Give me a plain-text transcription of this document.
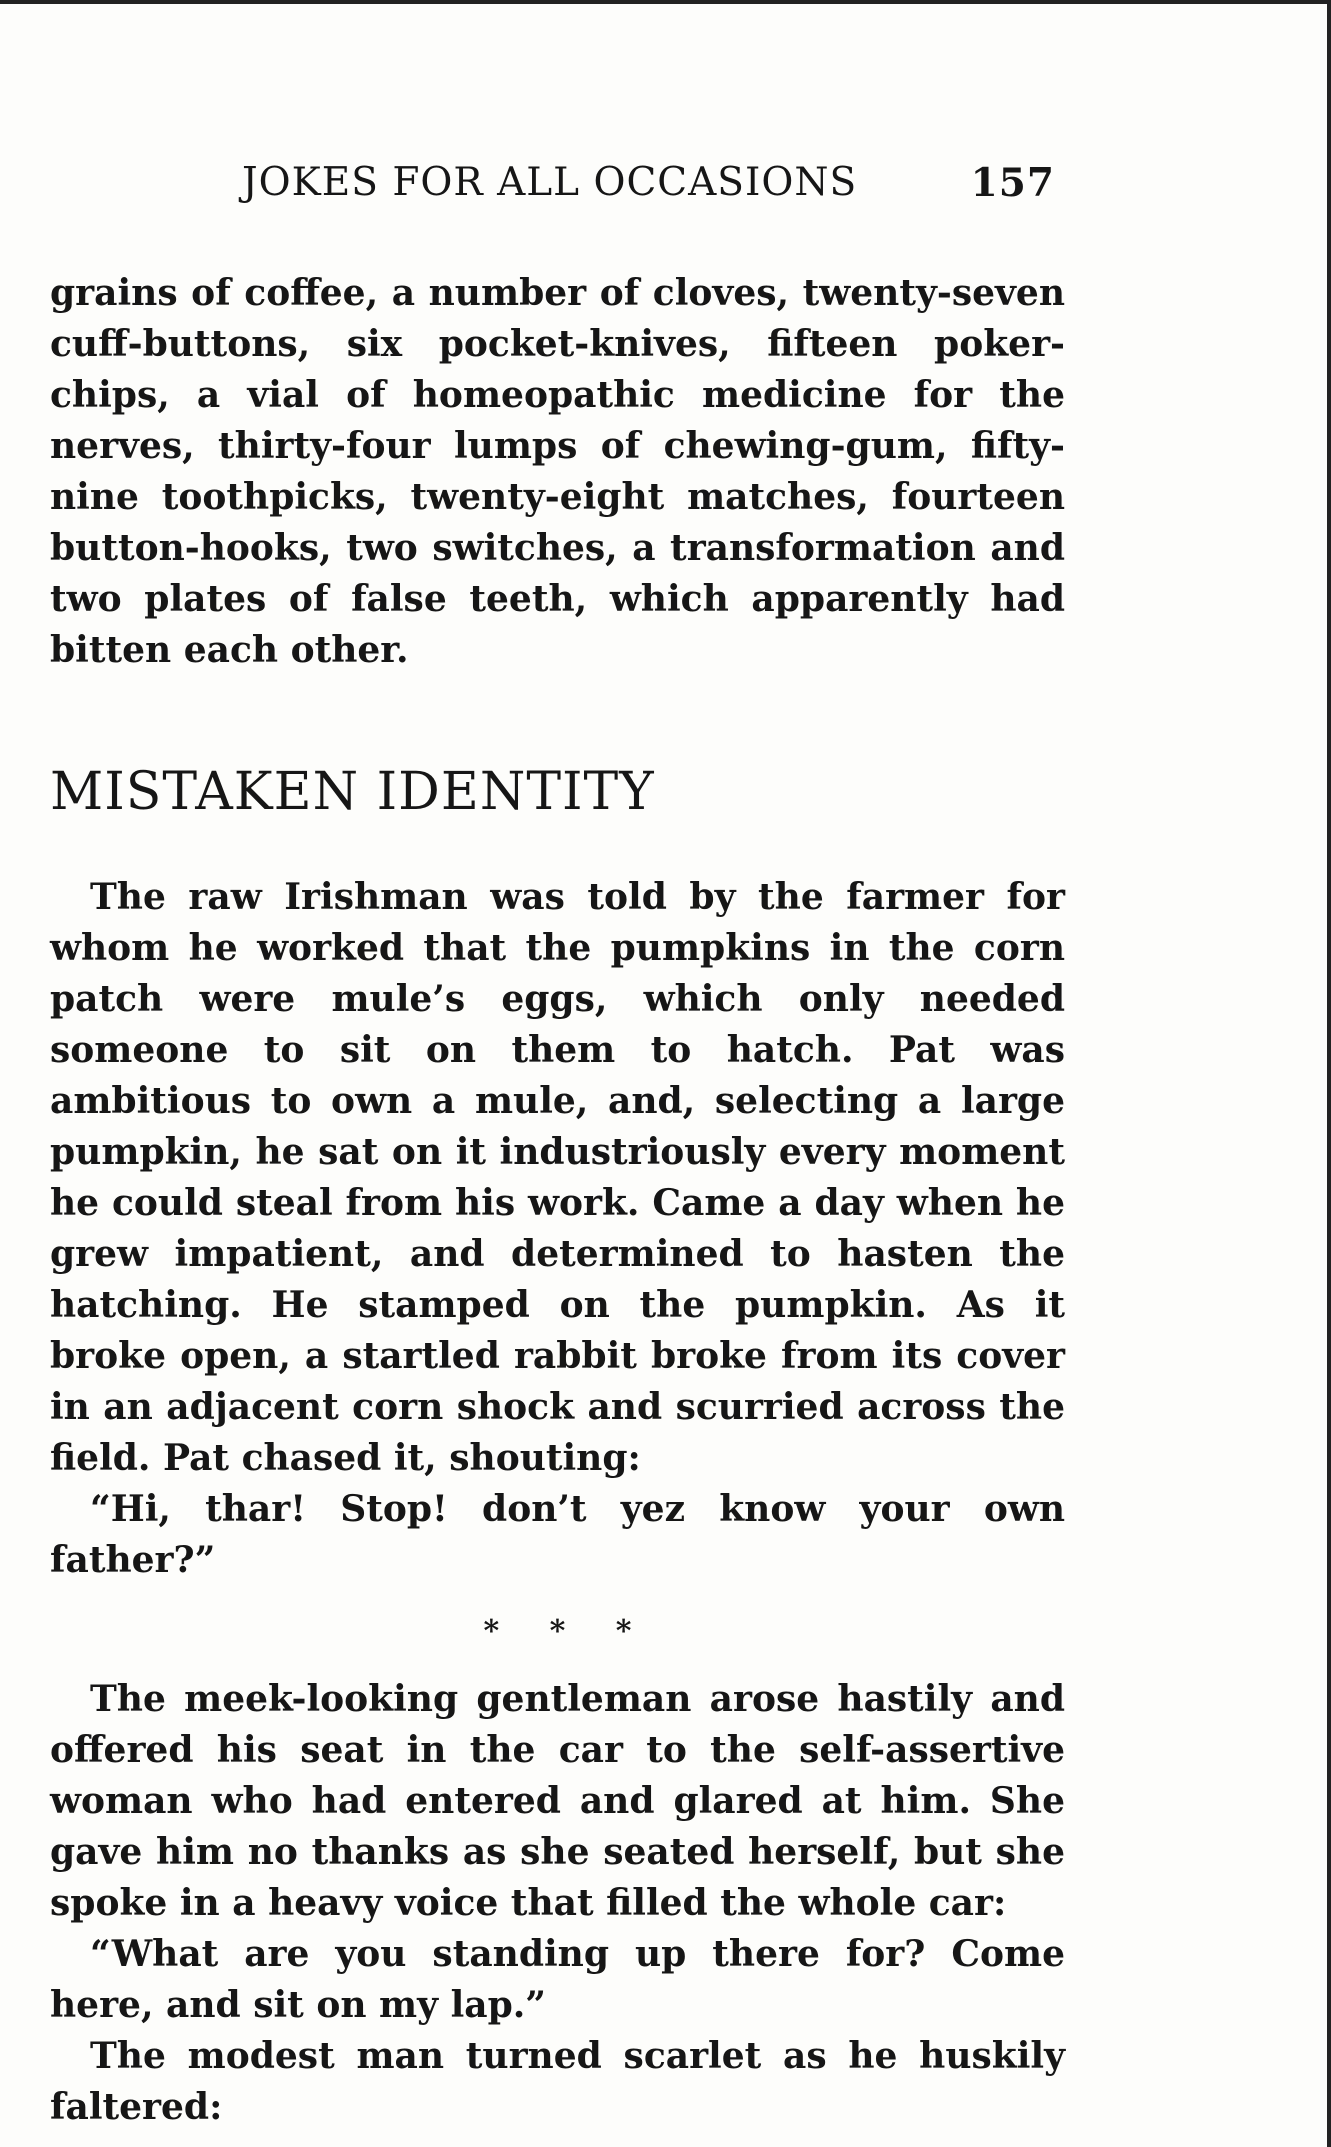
JOKES FOR ALL OCCASIONS	157

grains of coffee, a number of cloves, twenty-seven cuff-buttons, six pocket-knives, fifteen poker-chips, a vial of homeopathic medicine for the nerves, thirty-four lumps of chewing-gum, fifty-nine toothpicks, twenty-eight matches, fourteen button-hooks, two switches, a transformation and two plates of false teeth, which apparently had bitten each other.

MISTAKEN IDENTITY

The raw Irishman was told by the farmer for whom he worked that the pumpkins in the corn patch were mule’s eggs, which only needed someone to sit on them to hatch. Pat was ambitious to own a mule, and, selecting a large pumpkin, he sat on it industriously every moment he could steal from his work. Came a day when he grew impatient, and determined to hasten the hatching. He stamped on the pumpkin. As it broke open, a startled rabbit broke from its cover in an adjacent corn shock and scurried across the field. Pat chased it, shouting:

“Hi, thar! Stop! don’t yez know your own father?”

* * *

The meek-looking gentleman arose hastily and offered his seat in the car to the self-assertive woman who had entered and glared at him. She gave him no thanks as she seated herself, but she spoke in a heavy voice that filled the whole car:

“What are you standing up there for? Come here, and sit on my lap.”

The modest man turned scarlet as he huskily faltered:
